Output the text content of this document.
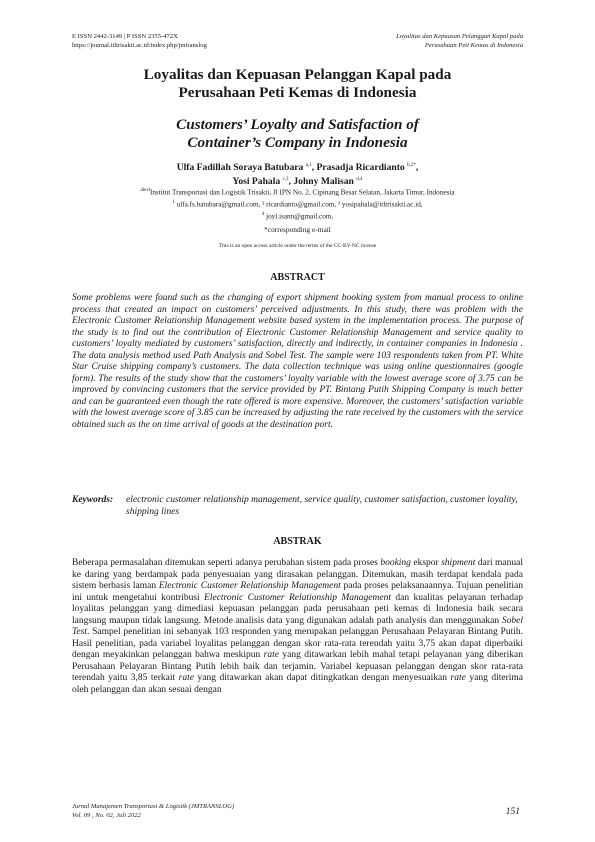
E ISSN 2442-3149 | P ISSN 2355-472X
https://journal.itltrisakti.ac.id/index.php/jmtranslog
Loyalitas dan Kepuasan Pelanggan Kapal pada
Perusahaan Peti Kemas di Indonesia
Loyalitas dan Kepuasan Pelanggan Kapal pada
Perusahaan Peti Kemas di Indonesia
Customers’ Loyalty and Satisfaction of
Container’s Company in Indonesia
Ulfa Fadillah Soraya Batubara $^{a,1}$, Prasadja Ricardianto $^{b,2*}$,
Yosi Pahala $^{c,3}$, Johny Malisan $^{d,4}$
$^{abcd}$Institut Transportasi dan Logistik Trisakti, Jl IPN No. 2, Cipinang Besar Selatan, Jakarta Timur, Indonesia
$^1$ ulfa.fs.batubara@gmail.com, ² ricardianto@gmail.com, ³ yosipahala@itltrisakti.ac.id,
$^4$ joyl.isann@gmail.com,
*corresponding e-mail
This is an open access article under the terms of the CC-BY-NC license
ABSTRACT
Some problems were found such as the changing of export shipment booking system from manual process to online process that created an impact on customers’ perceived adjustments. In this study, there was problem with the Electronic Customer Relationship Management website based system in the implementation process. The purpose of the study is to find out the contribution of Electronic Customer Relationship Management and service quality to customers’ loyalty mediated by customers’ satisfaction, directly and indirectly, in container companies in Indonesia . The data analysis method used Path Analysis and Sobel Test. The sample were 103 respondents taken from PT. White Star Cruise shipping company’s customers. The data collection technique was using online questionnaires (google form). The results of the study show that the customers’ loyalty variable with the lowest average score of 3.75 can be improved by convincing customers that the service provided by PT. Bintang Putih Shipping Company is much better and can be guaranteed even though the rate offered is more expensive. Moreover, the customers’ satisfaction variable with the lowest average score of 3.85 can be increased by adjusting the rate received by the customers with the service obtained such as the on time arrival of goods at the destination port.
Keywords: electronic customer relationship management, service quality, customer satisfaction, customer loyality, shipping lines
ABSTRAK
Beberapa permasalahan ditemukan seperti adanya perubahan sistem pada proses booking ekspor shipment dari manual ke daring yang berdampak pada penyesuaian yang dirasakan pelanggan. Ditemukan, masih terdapat kendala pada sistem berbasis laman Electronic Customer Relationship Management pada proses pelaksanaannya. Tujuan penelitian ini untuk mengetahui kontribusi Electronic Customer Relationship Management dan kualitas pelayanan terhadap loyalitas pelanggan yang dimediasi kepuasan pelanggan pada perusahaan peti kemas di Indonesia baik secara langsung maupun tidak langsung. Metode analisis data yang digunakan adalah path analysis dan menggunakan Sobel Test. Sampel penelitian ini sebanyak 103 responden yang merupakan pelanggan Perusahaan Pelayaran Bintang Putih. Hasil penelitian, pada variabel loyalitas pelanggan dengan skor rata-rata terendah yaitu 3,75 akan dapat diperbaiki dengan meyakinkan pelanggan bahwa meskipun rate yang ditawarkan lebih mahal tetapi pelayanan yang diberikan Perusahaan Pelayaran Bintang Putih lebih baik dan terjamin. Variabel kepuasan pelanggan dengan skor rata-rata terendah yaitu 3,85 terkait rate yang ditawarkan akan dapat ditingkatkan dengan menyesuaikan rate yang diterima oleh pelanggan dan akan sesuai dengan
Jurnal Manajemen Transportasi & Logistik (JMTRANSLOG)
Vol. 09 , No. 02, Juli 2022	151
